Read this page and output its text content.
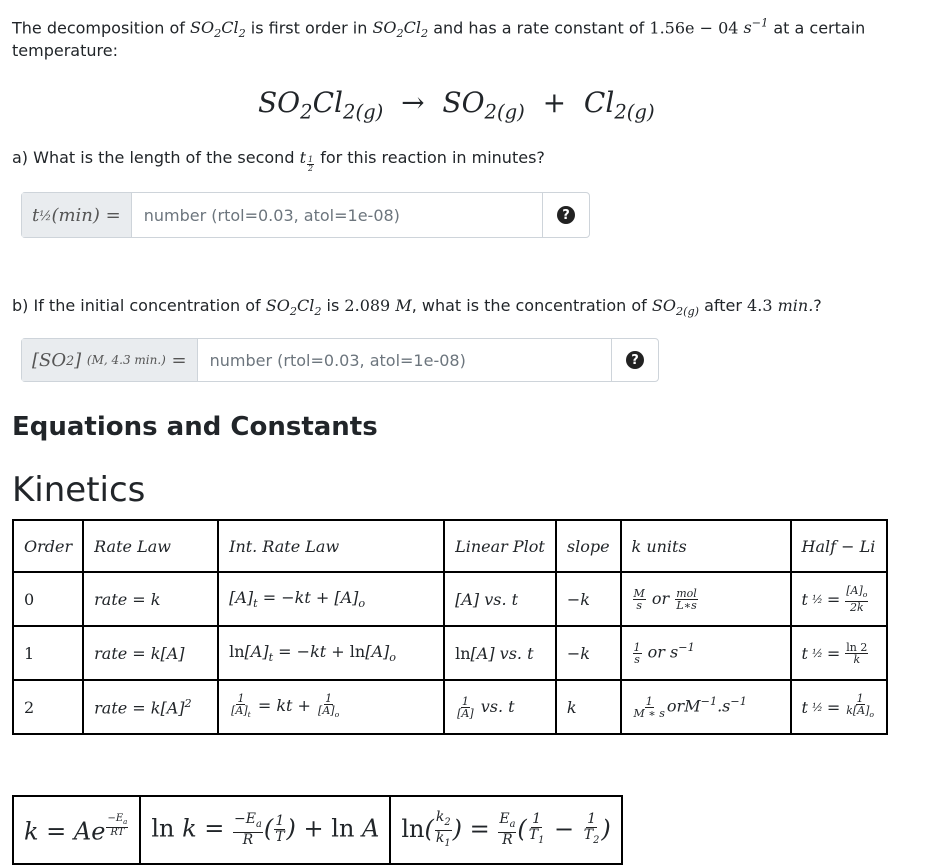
The decomposition of $SO_2Cl_2$ is first order in $SO_2Cl_2$ and has a rate constant of 1.56e − 04 $s^{-1}$ at a certain
temperature:
$SO_2Cl_{2(g)} \to SO_{2(g)} + Cl_{2(g)}$
a) What is the length of the second t $_{\frac{1}{2}}$ for this reaction in minutes?
t ½ (min) =
number (rtol=0.03, atol=1e-08)	?
b) If the initial concentration of $SO_2Cl_2$ is 2.089 M, what is the concentration of $SO_{2(g)}$ after 4.3 min.?
[SO 2 ] (M, 4.3 min.) =
number (rtol=0.03, atol=1e-08)	?
Equations and Constants
Kinetics
Order	Rate Law	Int. Rate Law	Linear Plot	slope	k units	Half − Li
0	rate = k	$[A]_t = -kt + [A]_o$	[A] vs. t	−k	$\frac{M}{s}$ or $\frac{\text{mol}}{L∗s}$	t ½ = $\frac{[A]_o}{2k}$

1	rate = k[A]	$\ln[A]_t = -kt + \ln[A]_o$	ln[A] vs. t	−k	$\frac{1}{s}$ or $s^{-1}$	t ½ = $\frac{\ln 2}{k}$

2	rate = $k[A]^2$	$\frac{1}{[A]_t}$ = kt + $\frac{1}{[A]_o}$	$\frac{1}{[A]}$ vs. t	k	$\frac{1}{M ∗ s} orM^{-1}.s^{-1}$	t ½ = $\frac{1}{k[A]_o}$
k = Ae $^{\frac{-E_a}{RT}}$	$\ln k = \frac{-E_a}{R}$ ( $\frac{1}{T}$ ) + ln A	$\ln( \frac{k_2}{k_1}$ ) = $\frac{E_a}{R}$ ( $\frac{1}{T_1} - \frac{1}{T_2}$ )
